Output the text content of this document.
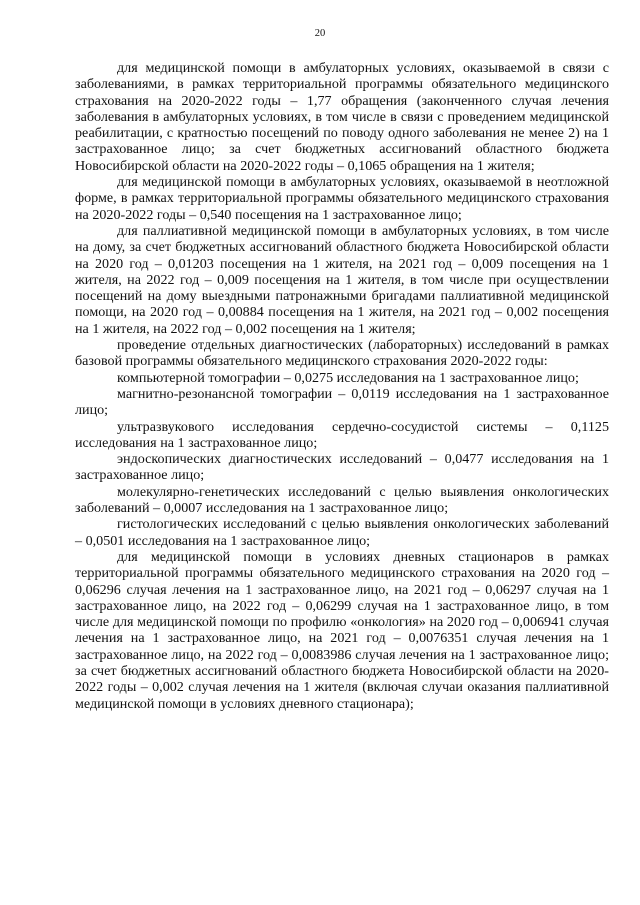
20

для медицинской помощи в амбулаторных условиях, оказываемой в связи с заболеваниями, в рамках территориальной программы обязательного медицинского страхования на 2020-2022 годы – 1,77 обращения (законченного случая лечения заболевания в амбулаторных условиях, в том числе в связи с проведением медицинской реабилитации, с кратностью посещений по поводу одного заболевания не менее 2) на 1 застрахованное лицо; за счет бюджетных ассигнований областного бюджета Новосибирской области на 2020-2022 годы – 0,1065 обращения на 1 жителя;

для медицинской помощи в амбулаторных условиях, оказываемой в неотложной форме, в рамках территориальной программы обязательного медицинского страхования на 2020-2022 годы – 0,540 посещения на 1 застрахованное лицо;

для паллиативной медицинской помощи в амбулаторных условиях, в том числе на дому, за счет бюджетных ассигнований областного бюджета Новосибирской области на 2020 год – 0,01203 посещения на 1 жителя, на 2021 год – 0,009 посещения на 1 жителя, на 2022 год – 0,009 посещения на 1 жителя, в том числе при осуществлении посещений на дому выездными патронажными бригадами паллиативной медицинской помощи, на 2020 год – 0,00884 посещения на 1 жителя, на 2021 год – 0,002 посещения на 1 жителя, на 2022 год – 0,002 посещения на 1 жителя;

проведение отдельных диагностических (лабораторных) исследований в рамках базовой программы обязательного медицинского страхования 2020-2022 годы:

компьютерной томографии – 0,0275 исследования на 1 застрахованное лицо;

магнитно-резонансной томографии – 0,0119 исследования на 1 застрахованное лицо;

ультразвукового исследования сердечно-сосудистой системы – 0,1125 исследования на 1 застрахованное лицо;

эндоскопических диагностических исследований – 0,0477 исследования на 1 застрахованное лицо;

молекулярно-генетических исследований с целью выявления онкологических заболеваний – 0,0007 исследования на 1 застрахованное лицо;

гистологических исследований с целью выявления онкологических заболеваний – 0,0501 исследования на 1 застрахованное лицо;

для медицинской помощи в условиях дневных стационаров в рамках территориальной программы обязательного медицинского страхования на 2020 год – 0,06296 случая лечения на 1 застрахованное лицо, на 2021 год – 0,06297 случая на 1 застрахованное лицо, на 2022 год – 0,06299 случая на 1 застрахованное лицо, в том числе для медицинской помощи по профилю «онкология» на 2020 год – 0,006941 случая лечения на 1 застрахованное лицо, на 2021 год – 0,0076351 случая лечения на 1 застрахованное лицо, на 2022 год – 0,0083986 случая лечения на 1 застрахованное лицо; за счет бюджетных ассигнований областного бюджета Новосибирской области на 2020-2022 годы – 0,002 случая лечения на 1 жителя (включая случаи оказания паллиативной медицинской помощи в условиях дневного стационара);
